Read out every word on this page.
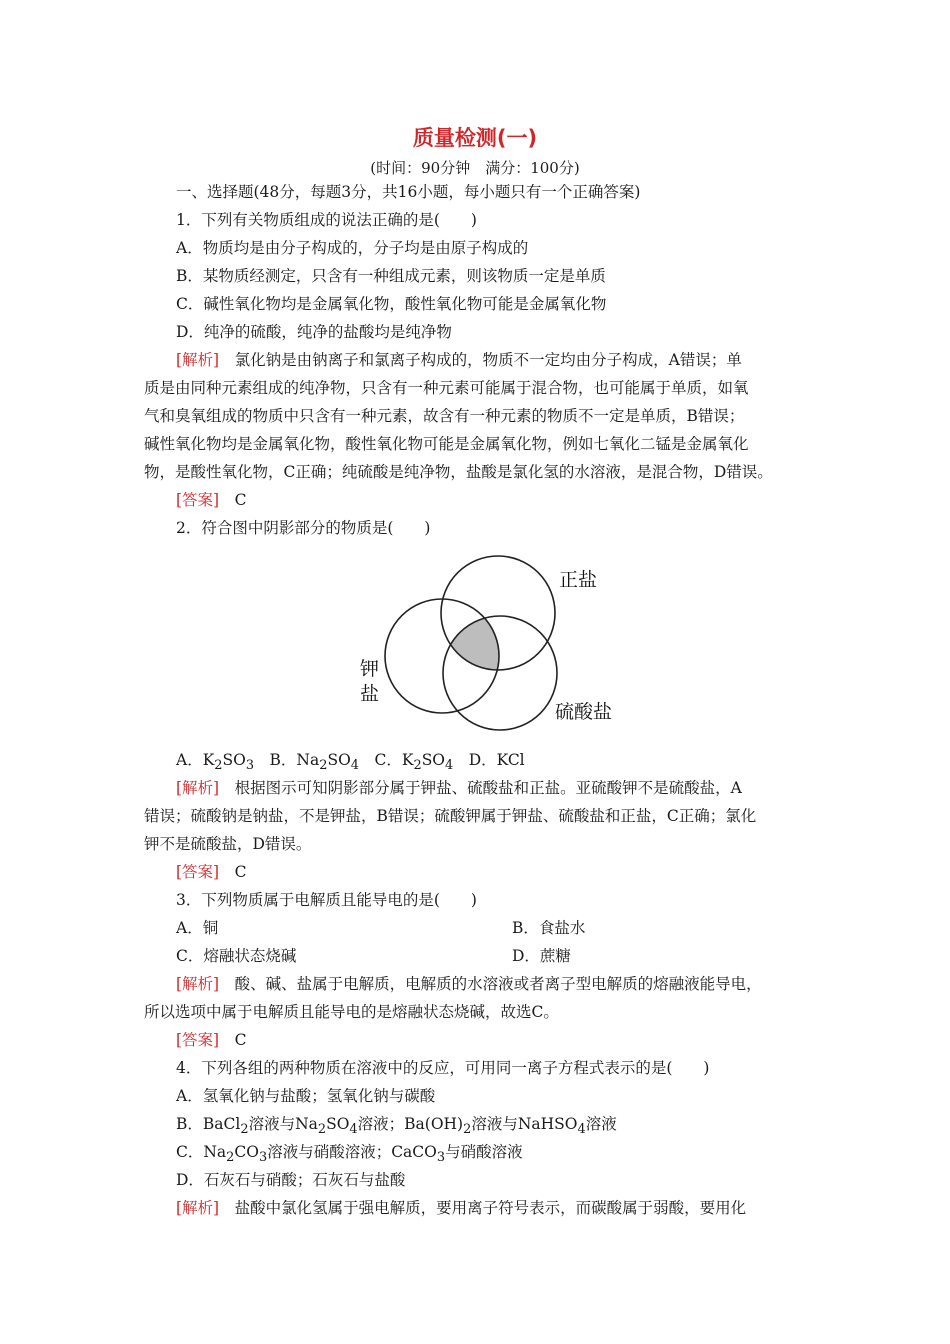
质量检测(一)
(时间：90分钟　满分：100分)
一、选择题(48分，每题3分，共16小题，每小题只有一个正确答案)
1．下列有关物质组成的说法正确的是(　　)
A．物质均是由分子构成的，分子均是由原子构成的
B．某物质经测定，只含有一种组成元素，则该物质一定是单质
C．碱性氧化物均是金属氧化物，酸性氧化物可能是金属氧化物
D．纯净的硫酸，纯净的盐酸均是纯净物
[解析]　 氯化钠是由钠离子和氯离子构成的，物质不一定均由分子构成，A错误；单
质是由同种元素组成的纯净物，只含有一种元素可能属于混合物，也可能属于单质，如氧
气和臭氧组成的物质中只含有一种元素，故含有一种元素的物质不一定是单质，B错误；
碱性氧化物均是金属氧化物，酸性氧化物可能是金属氧化物，例如七氧化二锰是金属氧化
物，是酸性氧化物，C正确；纯硫酸是纯净物，盐酸是氯化氢的水溶液，是混合物，D错误。
[答案]　 C
2．符合图中阴影部分的物质是(　　)
正盐
钾
盐
硫酸盐
A．$K_2SO_3$　B．$Na_2SO_4$　C．$K_2SO_4$　D．KCl
[解析]　 根据图示可知阴影部分属于钾盐、硫酸盐和正盐。亚硫酸钾不是硫酸盐，A
错误；硫酸钠是钠盐，不是钾盐，B错误；硫酸钾属于钾盐、硫酸盐和正盐，C正确；氯化
钾不是硫酸盐，D错误。
[答案]　 C
3．下列物质属于电解质且能导电的是(　　)
A．铜	B．食盐水
C．熔融状态烧碱	D．蔗糖
[解析]　 酸、碱、盐属于电解质，电解质的水溶液或者离子型电解质的熔融液能导电，
所以选项中属于电解质且能导电的是熔融状态烧碱，故选C。
[答案]　 C
4．下列各组的两种物质在溶液中的反应，可用同一离子方程式表示的是(　　)
A．氢氧化钠与盐酸；氢氧化钠与碳酸
B．BaCl$_2$溶液与$Na_2SO_4$溶液；$Ba(OH)_2$溶液与NaHSO$_4$溶液
C．$Na_2CO_3$溶液与硝酸溶液；CaCO$_3$与硝酸溶液
D．石灰石与硝酸；石灰石与盐酸
[解析]　 盐酸中氯化氢属于强电解质，要用离子符号表示，而碳酸属于弱酸，要用化
